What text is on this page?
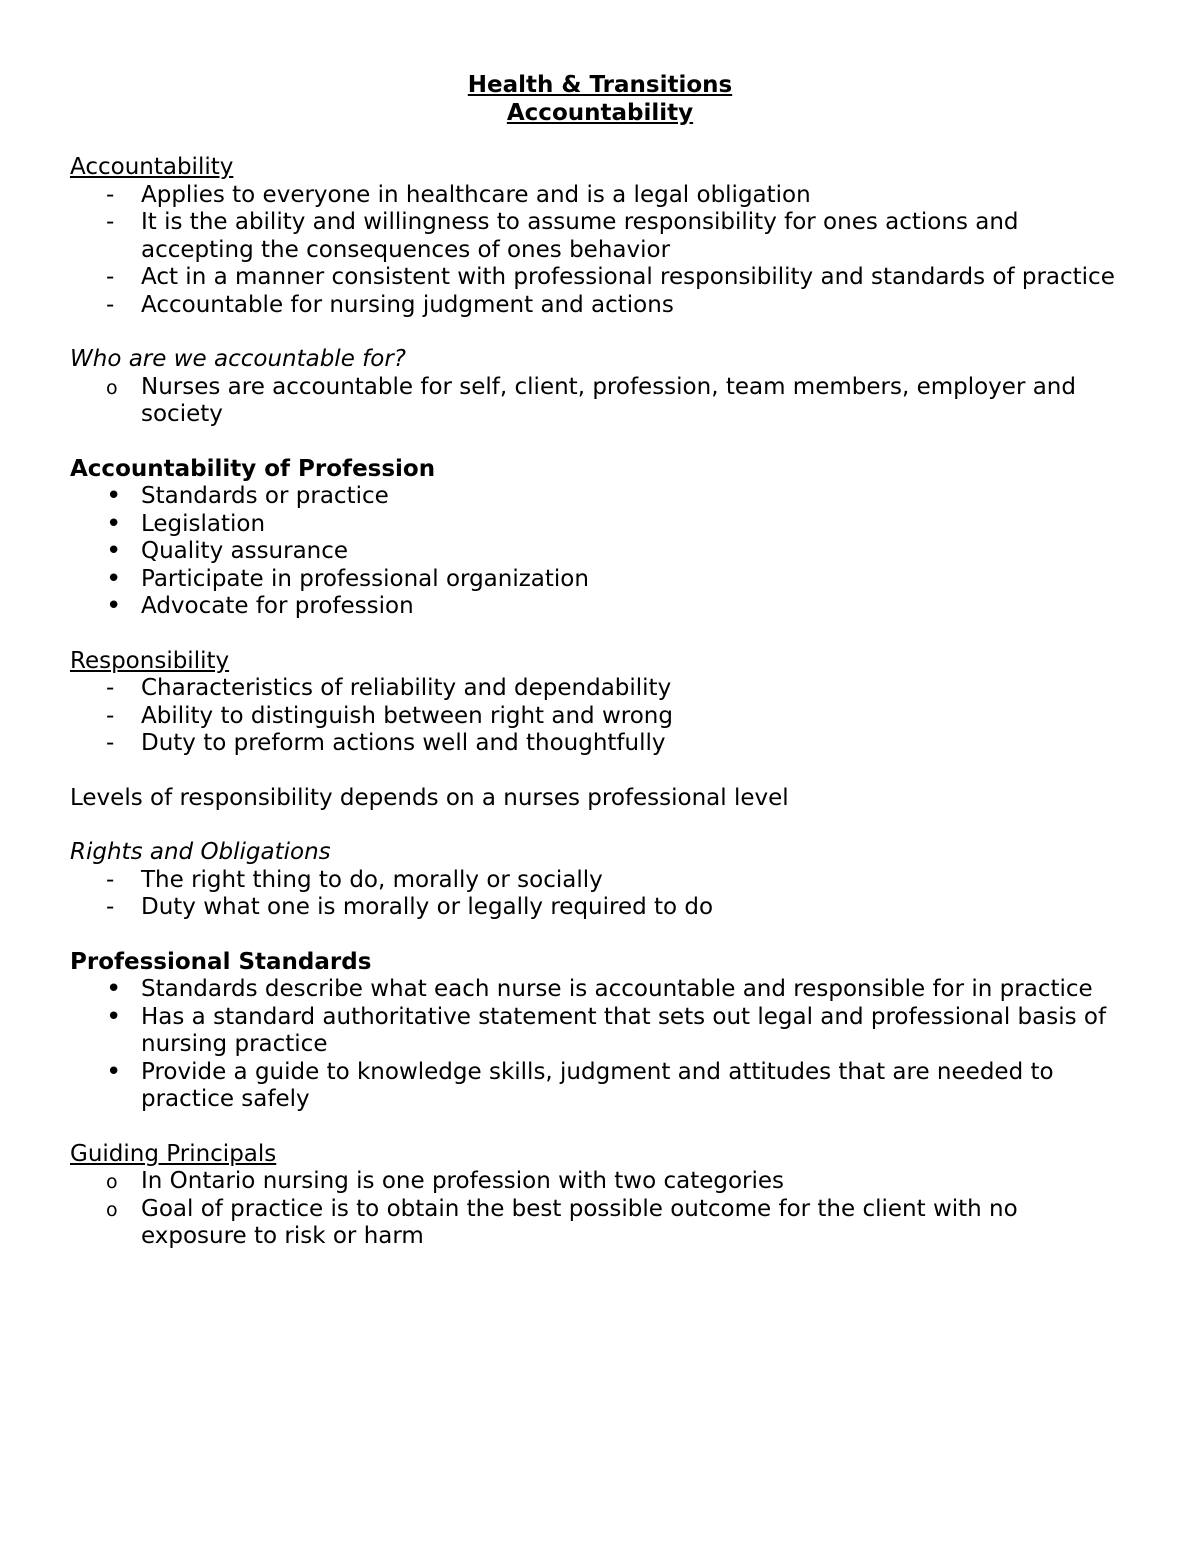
Health & Transitions

Accountability

Accountability

-
Applies to everyone in healthcare and is a legal obligation
-
It is the ability and willingness to assume responsibility for ones actions and accepting the consequences of ones behavior
-
Act in a manner consistent with professional responsibility and standards of practice
-
Accountable for nursing judgment and actions

Who are we accountable for?

o
Nurses are accountable for self, client, profession, team members, employer and society

Accountability of Profession

•
Standards or practice
•
Legislation
•
Quality assurance
•
Participate in professional organization
•
Advocate for profession

Responsibility

-
Characteristics of reliability and dependability
-
Ability to distinguish between right and wrong
-
Duty to preform actions well and thoughtfully

Levels of responsibility depends on a nurses professional level

Rights and Obligations

-
The right thing to do, morally or socially
-
Duty what one is morally or legally required to do

Professional Standards

•
Standards describe what each nurse is accountable and responsible for in practice
•
Has a standard authoritative statement that sets out legal and professional basis of nursing practice
•
Provide a guide to knowledge skills, judgment and attitudes that are needed to practice safely

Guiding Principals

o
In Ontario nursing is one profession with two categories
o
Goal of practice is to obtain the best possible outcome for the client with no exposure to risk or harm
